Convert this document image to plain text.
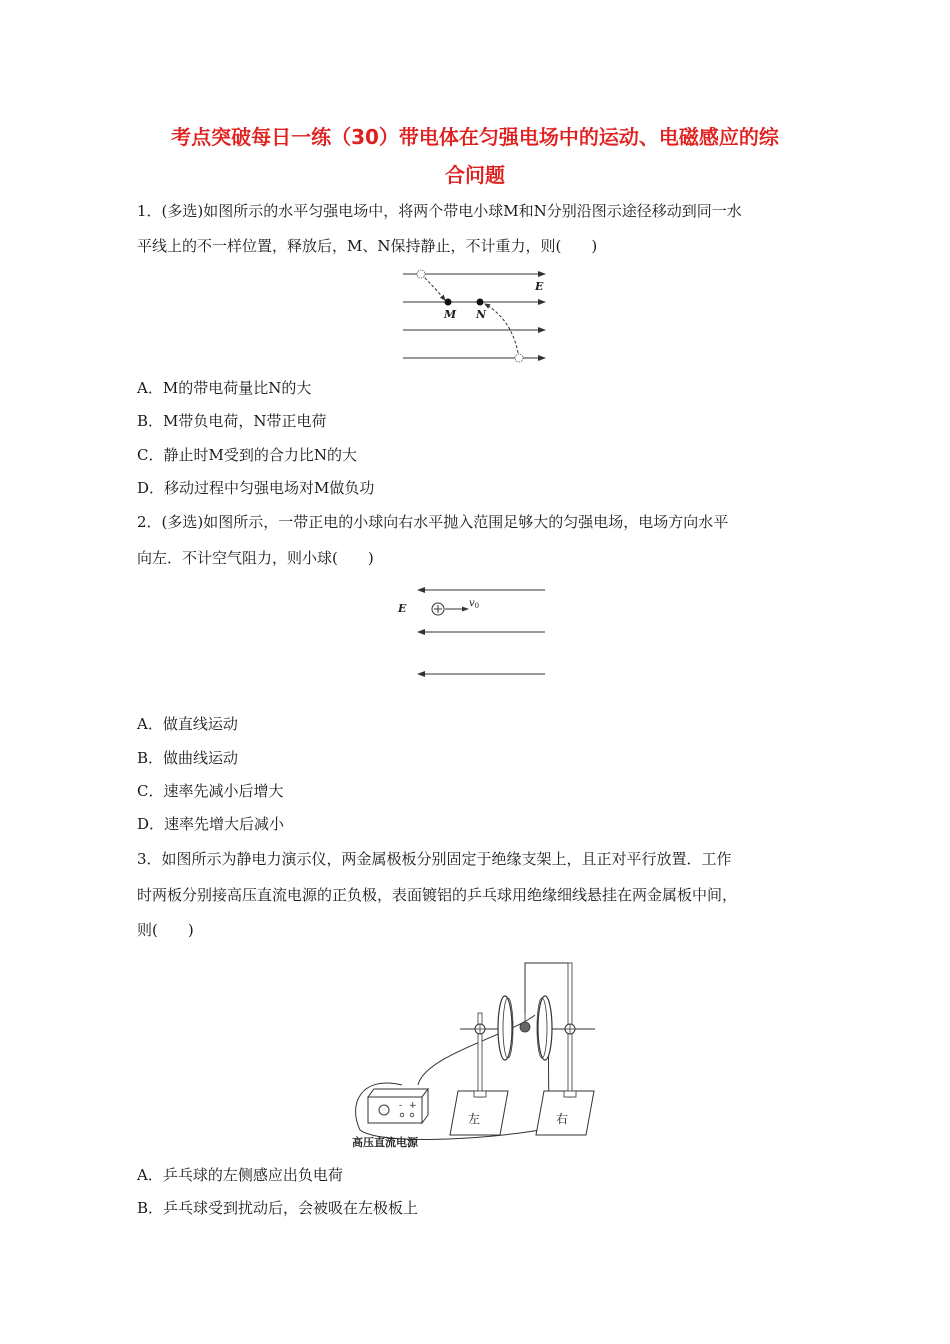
考点突破每日一练（30）带电体在匀强电场中的运动、电磁感应的综
合问题
1．(多选)如图所示的水平匀强电场中，将两个带电小球M和N分别沿图示途径移动到同一水
平线上的不一样位置，释放后，M、N保持静止，不计重力，则(　　)
E
M N
A．M的带电荷量比N的大
B．M带负电荷，N带正电荷
C．静止时M受到的合力比N的大
D．移动过程中匀强电场对M做负功
2．(多选)如图所示，一带正电的小球向右水平抛入范围足够大的匀强电场，电场方向水平
向左．不计空气阻力，则小球(　　)
E	$v_0$
A．做直线运动
B．做曲线运动
C．速率先减小后增大
D．速率先增大后减小
3．如图所示为静电力演示仪，两金属极板分别固定于绝缘支架上，且正对平行放置．工作
时两板分别接高压直流电源的正负极，表面镀铝的乒乓球用绝缘细线悬挂在两金属板中间，
则(　　)
- +
左	右
高压直流电源
A．乒乓球的左侧感应出负电荷
B．乒乓球受到扰动后，会被吸在左极板上
